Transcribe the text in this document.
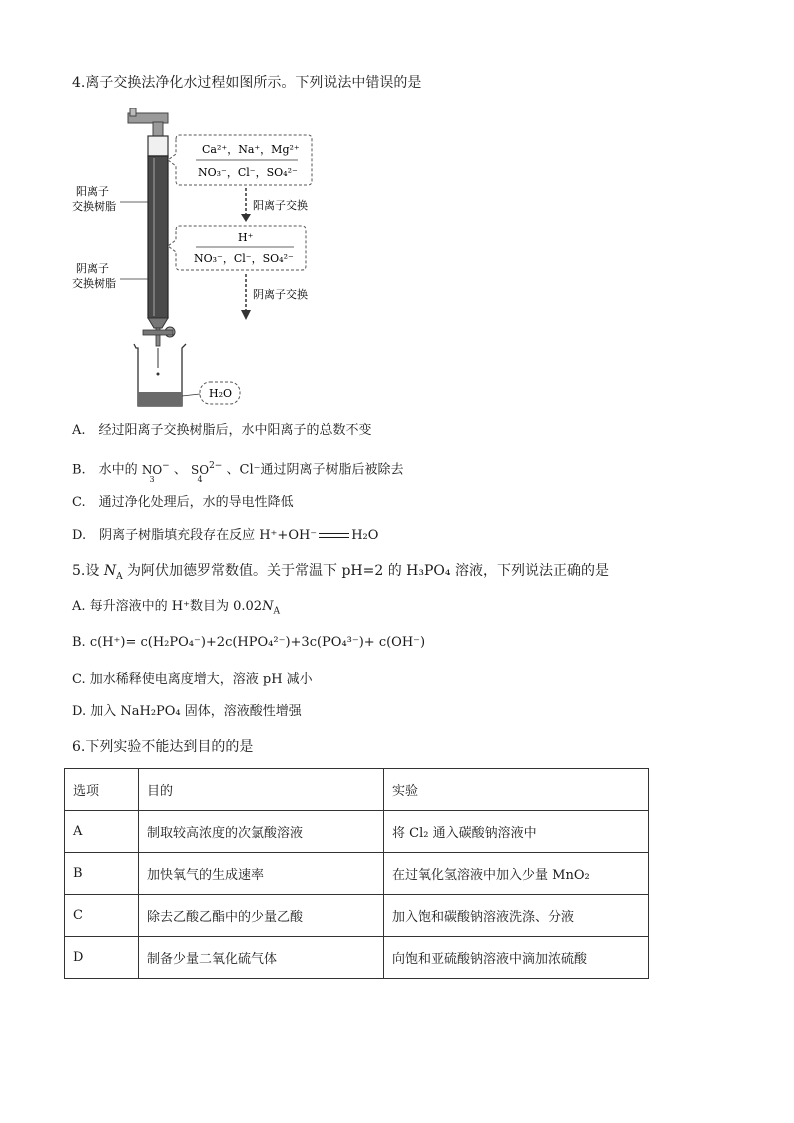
4.离子交换法净化水过程如图所示。下列说法中错误的是
阳离子
交换树脂
阴离子
交换树脂
Ca²⁺，Na⁺，Mg²⁺
NO₃⁻，Cl⁻，SO₄²⁻
阳离子交换
H⁺
NO₃⁻，Cl⁻，SO₄²⁻
阴离子交换
H₂O
A.　经过阳离子交换树脂后，水中阳离子的总数不变
B.　水中的
NO
3
− 、
SO
4
$^{2-}$ 、Cl⁻通过阴离子树脂后被除去
C.　通过净化处理后，水的导电性降低
D.　阴离子树脂填充段存在反应 H⁺+OH⁻	H₂O
5.设 $N_A$ 为阿伏加德罗常数值。关于常温下 pH=2 的 H₃PO₄ 溶液，下列说法正确的是
A. 每升溶液中的 H⁺数目为 $0.02N_A$
B. c(H⁺)= c(H₂PO₄⁻)+2c(HPO₄²⁻)+3c(PO₄³⁻)+ c(OH⁻)
C. 加水稀释使电离度增大，溶液 pH 减小
D. 加入 NaH₂PO₄ 固体，溶液酸性增强
6.下列实验不能达到目的的是
选项	目的	实验
A	制取较高浓度的次氯酸溶液	将 Cl₂ 通入碳酸钠溶液中
B	加快氧气的生成速率	在过氧化氢溶液中加入少量 MnO₂
C	除去乙酸乙酯中的少量乙酸	加入饱和碳酸钠溶液洗涤、分液
D	制备少量二氧化硫气体	向饱和亚硫酸钠溶液中滴加浓硫酸
